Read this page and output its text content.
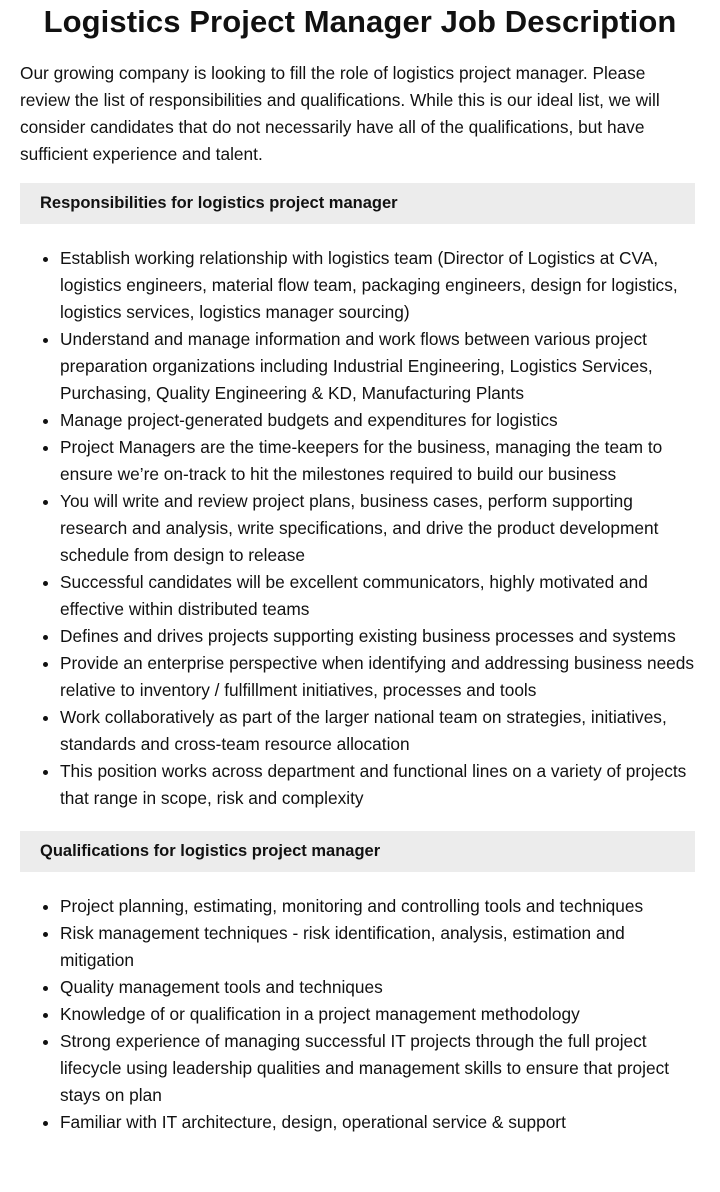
Logistics Project Manager Job Description

Our growing company is looking to fill the role of logistics project manager. Please review the list of responsibilities and qualifications. While this is our ideal list, we will consider candidates that do not necessarily have all of the qualifications, but have sufficient experience and talent.

Responsibilities for logistics project manager
• Establish working relationship with logistics team (Director of Logistics at CVA, logistics engineers, material flow team, packaging engineers, design for logistics, logistics services, logistics manager sourcing)
• Understand and manage information and work flows between various project preparation organizations including Industrial Engineering, Logistics Services, Purchasing, Quality Engineering & KD, Manufacturing Plants
• Manage project-generated budgets and expenditures for logistics
• Project Managers are the time-keepers for the business, managing the team to ensure we’re on-track to hit the milestones required to build our business
• You will write and review project plans, business cases, perform supporting research and analysis, write specifications, and drive the product development schedule from design to release
• Successful candidates will be excellent communicators, highly motivated and effective within distributed teams
• Defines and drives projects supporting existing business processes and systems
• Provide an enterprise perspective when identifying and addressing business needs relative to inventory / fulfillment initiatives, processes and tools
• Work collaboratively as part of the larger national team on strategies, initiatives, standards and cross-team resource allocation
• This position works across department and functional lines on a variety of projects that range in scope, risk and complexity
Qualifications for logistics project manager
• Project planning, estimating, monitoring and controlling tools and techniques
• Risk management techniques - risk identification, analysis, estimation and mitigation
• Quality management tools and techniques
• Knowledge of or qualification in a project management methodology
• Strong experience of managing successful IT projects through the full project lifecycle using leadership qualities and management skills to ensure that project stays on plan
• Familiar with IT architecture, design, operational service & support
